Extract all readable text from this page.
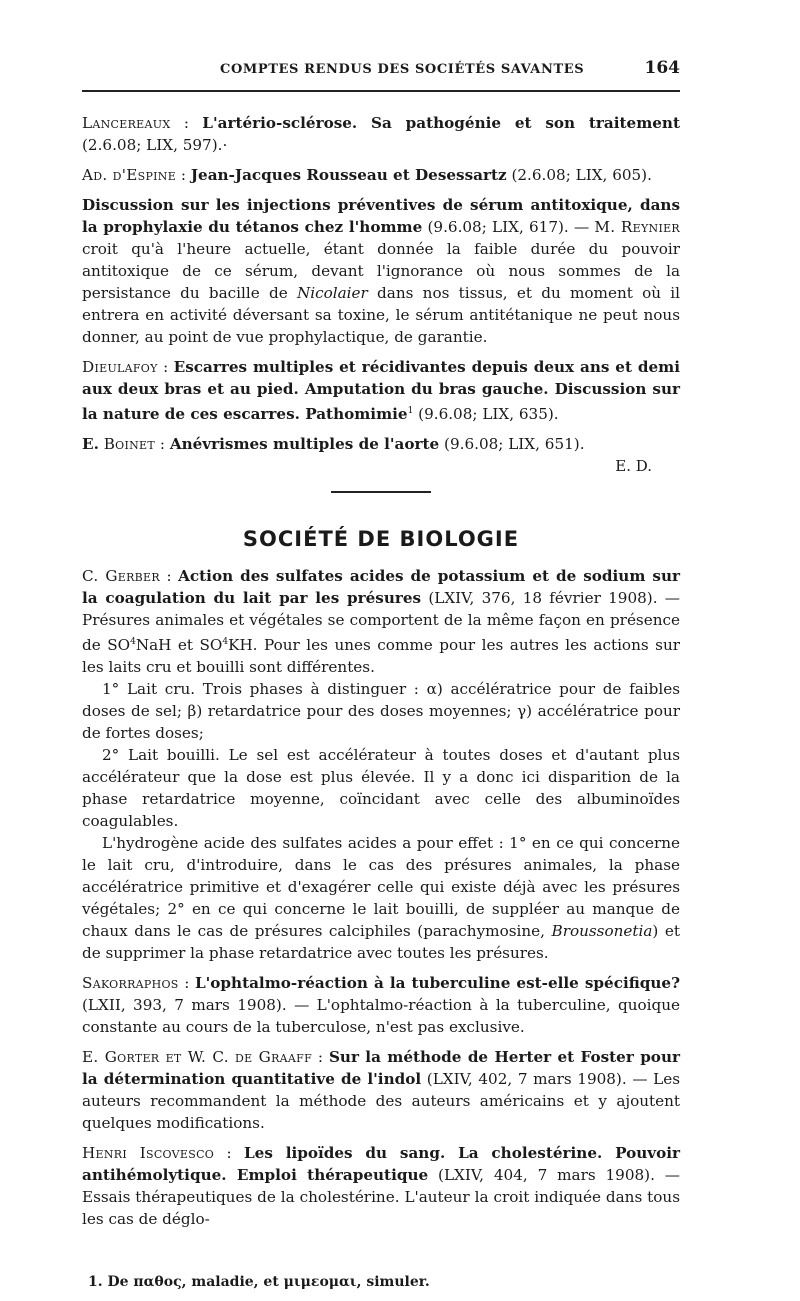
COMPTES RENDUS DES SOCIÉTÉS SAVANTES	164

Lancereaux : L'artério-sclérose. Sa pathogénie et son traitement (2.6.08; LIX, 597).·

Ad. d'Espine : Jean-Jacques Rousseau et Desessartz (2.6.08; LIX, 605).

Discussion sur les injections préventives de sérum antitoxique, dans la prophylaxie du tétanos chez l'homme (9.6.08; LIX, 617). — M. Reynier croit qu'à l'heure actuelle, étant donnée la faible durée du pouvoir antitoxique de ce sérum, devant l'ignorance où nous sommes de la persistance du bacille de Nicolaier dans nos tissus, et du moment où il entrera en activité déversant sa toxine, le sérum antitétanique ne peut nous donner, au point de vue prophylactique, de garantie.

Dieulafoy : Escarres multiples et récidivantes depuis deux ans et demi aux deux bras et au pied. Amputation du bras gauche. Discussion sur la nature de ces escarres. Pathomimie$^1$ (9.6.08; LIX, 635).

E. Boinet : Anévrismes multiples de l'aorte (9.6.08; LIX, 651).

E. D.

SOCIÉTÉ DE BIOLOGIE

C. Gerber : Action des sulfates acides de potassium et de sodium sur la coagulation du lait par les présures (LXIV, 376, 18 février 1908). — Présures animales et végétales se comportent de la même façon en présence de $SO^4NaH$ et $SO^4KH$. Pour les unes comme pour les autres les actions sur les laits cru et bouilli sont différentes.

1° Lait cru. Trois phases à distinguer : α) accélératrice pour de faibles doses de sel; β) retardatrice pour des doses moyennes; γ) accélératrice pour de fortes doses;

2° Lait bouilli. Le sel est accélérateur à toutes doses et d'autant plus accélérateur que la dose est plus élevée. Il y a donc ici disparition de la phase retardatrice moyenne, coïncidant avec celle des albuminoïdes coagulables.

L'hydrogène acide des sulfates acides a pour effet : 1° en ce qui concerne le lait cru, d'introduire, dans le cas des présures animales, la phase accélératrice primitive et d'exagérer celle qui existe déjà avec les présures végétales; 2° en ce qui concerne le lait bouilli, de suppléer au manque de chaux dans le cas de présures calciphiles (parachymosine, Broussonetia) et de supprimer la phase retardatrice avec toutes les présures.

Sakorraphos : L'ophtalmo-réaction à la tuberculine est-elle spécifique? (LXII, 393, 7 mars 1908). — L'ophtalmo-réaction à la tuberculine, quoique constante au cours de la tuberculose, n'est pas exclusive.

E. Gorter et W. C. de Graaff : Sur la méthode de Herter et Foster pour la détermination quantitative de l'indol (LXIV, 402, 7 mars 1908). — Les auteurs recommandent la méthode des auteurs américains et y ajoutent quelques modifications.

Henri Iscovesco : Les lipoïdes du sang. La cholestérine. Pouvoir antihémolytique. Emploi thérapeutique (LXIV, 404, 7 mars 1908). — Essais thérapeutiques de la cholestérine. L'auteur la croit indiquée dans tous les cas de déglo-

1. De παθος, maladie, et μιμεομαι, simuler.
